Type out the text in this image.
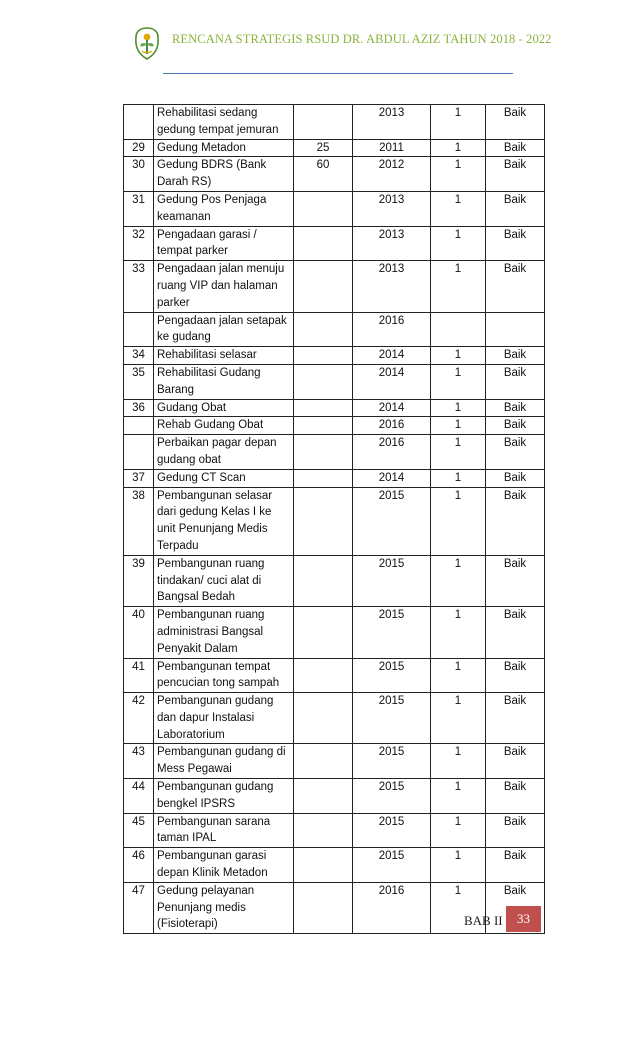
RENCANA STRATEGIS RSUD DR. ABDUL AZIZ TAHUN 2018 - 2022
	Rehabilitasi sedang gedung tempat jemuran		2013	1	Baik
29	Gedung Metadon	25	2011	1	Baik
30	Gedung BDRS (Bank Darah RS)	60	2012	1	Baik
31	Gedung Pos Penjaga keamanan		2013	1	Baik
32	Pengadaan garasi / tempat parker		2013	1	Baik
33	Pengadaan jalan menuju ruang VIP dan halaman parker		2013	1	Baik
	Pengadaan jalan setapak ke gudang		2016		
34	Rehabilitasi selasar		2014	1	Baik
35	Rehabilitasi Gudang Barang		2014	1	Baik
36	Gudang Obat		2014	1	Baik
	Rehab Gudang Obat		2016	1	Baik
	Perbaikan pagar depan gudang obat		2016	1	Baik
37	Gedung CT Scan		2014	1	Baik
38	Pembangunan selasar dari gedung Kelas I ke unit Penunjang Medis Terpadu		2015	1	Baik
39	Pembangunan ruang tindakan/ cuci alat di Bangsal Bedah		2015	1	Baik
40	Pembangunan ruang administrasi Bangsal Penyakit Dalam		2015	1	Baik
41	Pembangunan tempat pencucian tong sampah		2015	1	Baik
42	Pembangunan gudang dan dapur Instalasi Laboratorium		2015	1	Baik
43	Pembangunan gudang di Mess Pegawai		2015	1	Baik
44	Pembangunan gudang bengkel IPSRS		2015	1	Baik
45	Pembangunan sarana taman IPAL		2015	1	Baik
46	Pembangunan garasi depan Klinik Metadon		2015	1	Baik
47	Gedung pelayanan Penunjang medis (Fisioterapi)		2016	1	Baik
BAB II	33
